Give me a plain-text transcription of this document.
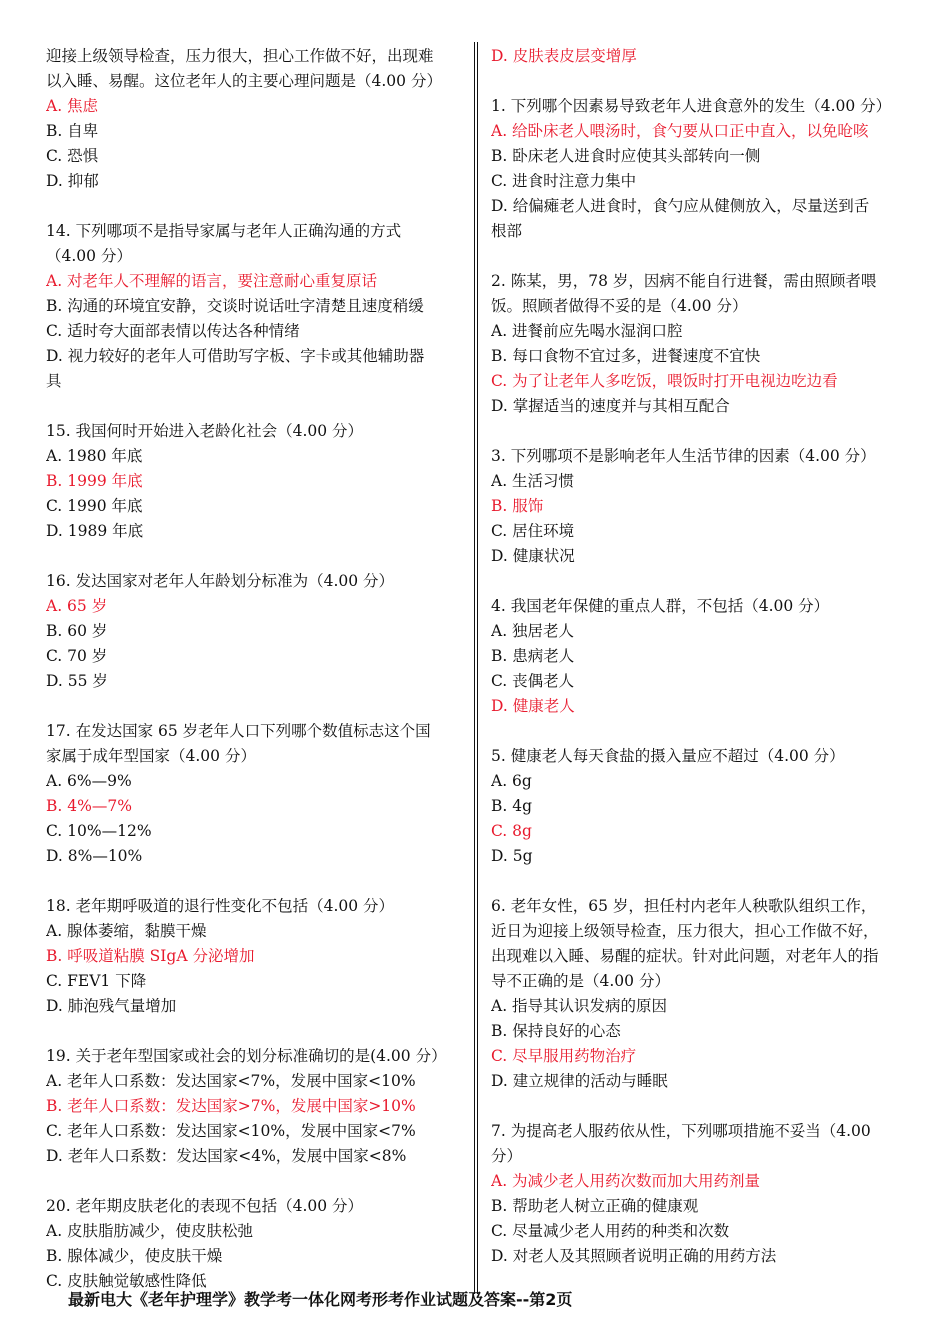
迎接上级领导检查，压力很大，担心工作做不好，出现难
以入睡、易醒。这位老年人的主要心理问题是（4.00 分）
A. 焦虑
B. 自卑
C. 恐惧
D. 抑郁
14. 下列哪项不是指导家属与老年人正确沟通的方式
（4.00 分）
A. 对老年人不理解的语言，要注意耐心重复原话
B. 沟通的环境宜安静，交谈时说话吐字清楚且速度稍缓
C. 适时夸大面部表情以传达各种情绪
D. 视力较好的老年人可借助写字板、字卡或其他辅助器
具
15. 我国何时开始进入老龄化社会（4.00 分）
A. 1980 年底
B. 1999 年底
C. 1990 年底
D. 1989 年底
16. 发达国家对老年人年龄划分标准为（4.00 分）
A. 65 岁
B. 60 岁
C. 70 岁
D. 55 岁
17. 在发达国家 65 岁老年人口下列哪个数值标志这个国
家属于成年型国家（4.00 分）
A. 6%—9%
B. 4%—7%
C. 10%—12%
D. 8%—10%
18. 老年期呼吸道的退行性变化不包括（4.00 分）
A. 腺体萎缩，黏膜干燥
B. 呼吸道粘膜 SIgA 分泌增加
C. FEV1 下降
D. 肺泡残气量增加
19. 关于老年型国家或社会的划分标准确切的是(4.00 分）
A. 老年人口系数：发达国家<7%，发展中国家<10%
B. 老年人口系数：发达国家>7%，发展中国家>10%
C. 老年人口系数：发达国家<10%，发展中国家<7%
D. 老年人口系数：发达国家<4%，发展中国家<8%
20. 老年期皮肤老化的表现不包括（4.00 分）
A. 皮肤脂肪减少，使皮肤松弛
B. 腺体减少，使皮肤干燥
C. 皮肤触觉敏感性降低
D. 皮肤表皮层变增厚
1. 下列哪个因素易导致老年人进食意外的发生（4.00 分）
A. 给卧床老人喂汤时，食勺要从口正中直入，以免呛咳
B. 卧床老人进食时应使其头部转向一侧
C. 进食时注意力集中
D. 给偏瘫老人进食时，食勺应从健侧放入，尽量送到舌
根部
2. 陈某，男，78 岁，因病不能自行进餐，需由照顾者喂
饭。照顾者做得不妥的是（4.00 分）
A. 进餐前应先喝水湿润口腔
B. 每口食物不宜过多，进餐速度不宜快
C. 为了让老年人多吃饭，喂饭时打开电视边吃边看
D. 掌握适当的速度并与其相互配合
3. 下列哪项不是影响老年人生活节律的因素（4.00 分）
A. 生活习惯
B. 服饰
C. 居住环境
D. 健康状况
4. 我国老年保健的重点人群，不包括（4.00 分）
A. 独居老人
B. 患病老人
C. 丧偶老人
D. 健康老人
5. 健康老人每天食盐的摄入量应不超过（4.00 分）
A. 6g
B. 4g
C. 8g
D. 5g
6. 老年女性，65 岁，担任村内老年人秧歌队组织工作，
近日为迎接上级领导检查，压力很大，担心工作做不好，
出现难以入睡、易醒的症状。针对此问题，对老年人的指
导不正确的是（4.00 分）
A. 指导其认识发病的原因
B. 保持良好的心态
C. 尽早服用药物治疗
D. 建立规律的活动与睡眠
7. 为提高老人服药依从性，下列哪项措施不妥当（4.00
分）
A. 为减少老人用药次数而加大用药剂量
B. 帮助老人树立正确的健康观
C. 尽量减少老人用药的种类和次数
D. 对老人及其照顾者说明正确的用药方法
最新电大《老年护理学》教学考一体化网考形考作业试题及答案--第2页
